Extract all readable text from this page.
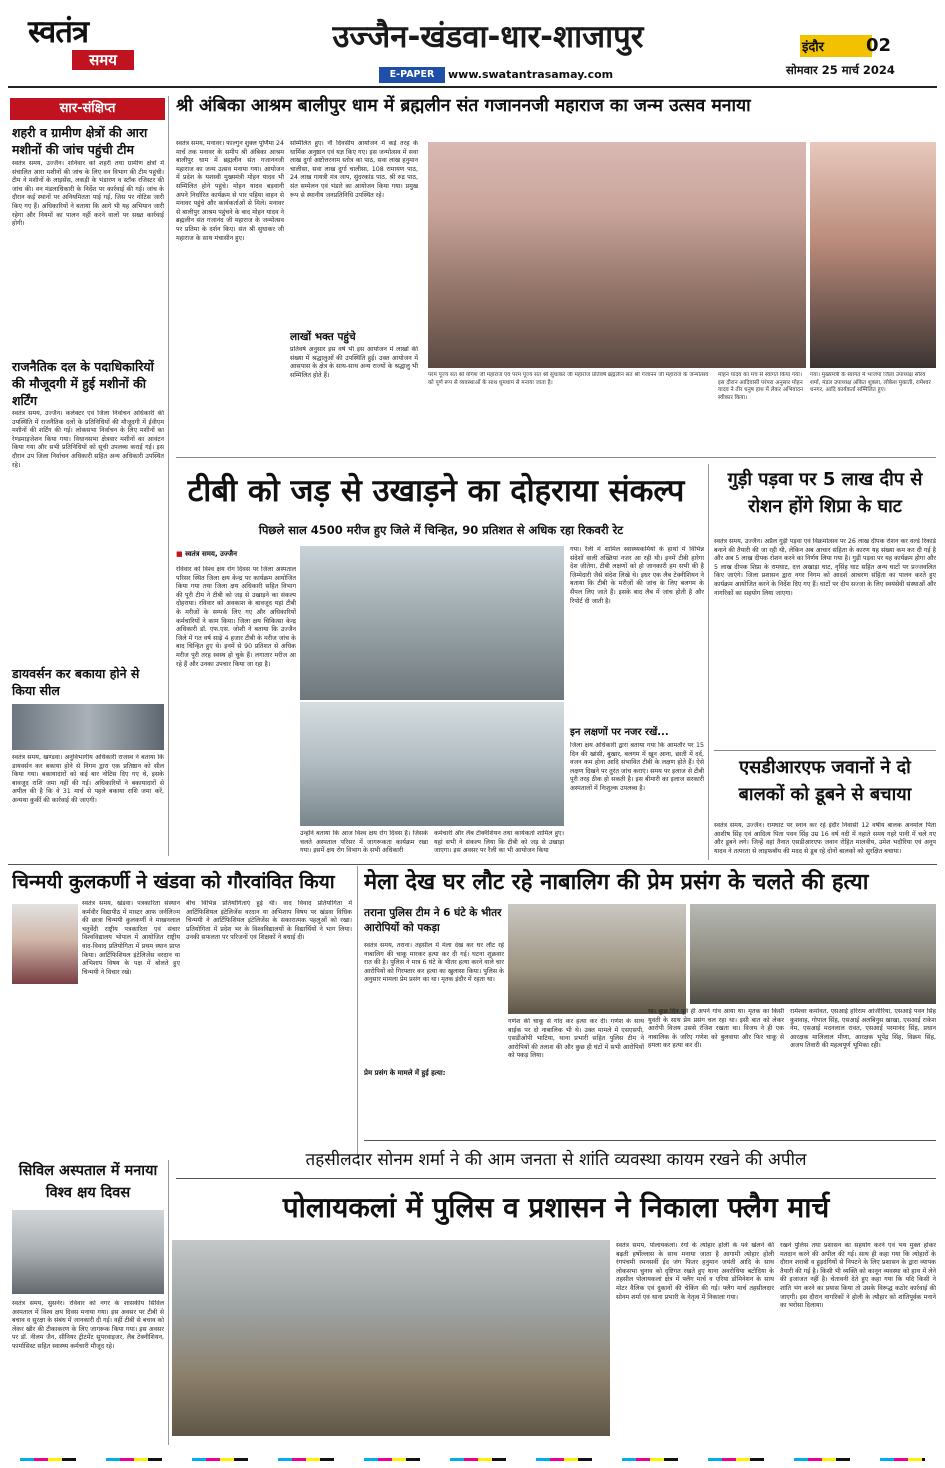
स्वतंत्र
समय
उज्जैन-खंडवा-धार-शाजापुर	इंदौर 02
E-PAPER	www.swatantrasamay.com	सोमवार 25 मार्च 2024
सार-संक्षिप्त
शहरी व ग्रामीण क्षेत्रों की आरा मशीनों की जांच पहुंची टीम
स्वतंत्र समय, उज्जैन। शनिवार को शहरी तथा ग्रामीण क्षेत्रों में संचालित आरा मशीनों की जांच के लिए वन विभाग की टीम पहुंची। टीम ने मशीनों के लाइसेंस, लकड़ी के भंडारण व स्टॉक रजिस्टर की जांच की। वन मंडलाधिकारी के निर्देश पर कार्रवाई की गई। जांच के दौरान कई स्थानों पर अनियमितता पाई गई, जिस पर नोटिस जारी किए गए हैं। अधिकारियों ने बताया कि आगे भी यह अभियान जारी रहेगा और नियमों का पालन नहीं करने वालों पर सख्त कार्रवाई होगी।
राजनैतिक दल के पदाधिकारियों की मौजूदगी में हुई मशीनों की शर्टिंग
स्वतंत्र समय, उज्जैन। कलेक्टर एवं जिला निर्वाचन अधिकारी की उपस्थिति में राजनैतिक दलों के प्रतिनिधियों की मौजूदगी में ईवीएम मशीनों की शर्टिंग की गई। लोकसभा निर्वाचन के लिए मशीनों का रेण्डमाइजेशन किया गया। विधानसभा क्षेत्रवार मशीनों का आवंटन किया गया और सभी प्रतिनिधियों को सूची उपलब्ध कराई गई। इस दौरान उप जिला निर्वाचन अधिकारी सहित अन्य अधिकारी उपस्थित रहे।
डायवर्सन कर बकाया होने से किया सील
स्वतंत्र समय, खण्डवा। अनुविभागीय अधिकारी राजस्व ने बताया कि डायवर्सन कर बकाया होने से निगम द्वारा एक प्रतिष्ठान को सील किया गया। बकायादारों को कई बार नोटिस दिए गए थे, इसके बावजूद राशि जमा नहीं की गई। अधिकारियों ने बकायादारों से अपील की है कि वे 31 मार्च से पहले बकाया राशि जमा करें, अन्यथा कुर्की की कार्रवाई की जाएगी।
श्री अंबिका आश्रम बालीपुर धाम में ब्रह्मलीन संत गजाननजी महाराज का जन्म उत्सव मनाया
स्वतंत्र समय, मनावर। फाल्गुन शुक्ल पूर्णिमा 24 मार्च तक मनावर के समीप श्री अंबिका आश्रम बालीपुर धाम में ब्रह्मलीन संत गजाननजी महाराज का जन्म उत्सव मनाया गया। आयोजन में प्रदेश के यशस्वी मुख्यमंत्री मोहन यादव भी सम्मिलित होने पहुंचे। मोहन यादव बड़वानी अपने निर्धारित कार्यक्रम से पार पहिया वाहन से मनावर पहुंचे और कार्यकर्ताओं से मिले। मनावर से बालीपुर आश्रम पहुंचने के बाद मोहन यादव ने ब्रह्मलीन संत गजानंद जी महाराज के जन्मोत्सव पर प्रतिमा के दर्शन किए। संत श्री सुधाकर जी महाराज के साथ मंचासीन हुए।
सम्मिलित हुए। नौ दिवसीय आयोजन में कई तरह के धार्मिक अनुष्ठान एवं यज्ञ किए गए। इस जन्मोत्सव में सवा लाख दुर्गा अष्टोत्तरनाम स्तोत्र का पाठ, सवा लाख हनुमान चालीसा, सवा लाख दुर्गा चालीसा, 108 रामायण पाठ, 24 लाख गायत्री मंत्र जाप, सुंदरकांड पाठ, श्री रुद्र पाठ, संत सम्मेलन एवं भंडारे का आयोजन किया गया। प्रमुख रूप से स्थानीय जनप्रतिनिधि उपस्थित रहे।
लाखों भक्त पहुंचे
प्रतिवर्ष अनुसार इस वर्ष भी इस आयोजन में लाखों की संख्या में श्रद्धालुओं की उपस्थिति हुई। उक्त आयोजन में आसपास के क्षेत्र के साथ-साथ अन्य राज्यों के श्रद्धालु भी सम्मिलित होते हैं।	परम पूज्य संत श्री योगेश जी महाराज एवं परम पूज्य संत श्री सुधाकर जी महाराज प्रतिवर्ष ब्रह्मलीन संत श्री गजानन जी महाराज के जन्मोत्सव को पूर्ण रूप से व्यवस्थाओं के साथ धूमधाम से मनाया जाता है।
मोहन यादव का मंच से स्वागत किया गया। इस दौरान आदिवासी परंपरा अनुसार मोहन यादव ने तीर धनुष हाथ में लेकर अभिवादन स्वीकार किया।
गया। मुख्यमंत्री के स्वागत में भाजपा जिला उपाध्यक्ष सौरव शर्मा, मंडल उपाध्यक्ष अंकित शुक्ला, लोकेश मुकाती, रामेश्वर धनगर, आदि कार्यकर्ता सम्मिलित हुए।
टीबी को जड़ से उखाड़ने का दोहराया संकल्प
पिछले साल 4500 मरीज हुए जिले में चिन्हित, 90 प्रतिशत से अधिक रहा रिकवरी रेट
■ स्वतंत्र समय, उज्जैन
रविवार को विश्व क्षय रोग दिवस पर जिला अस्पताल परिसर स्थित जिला क्षय केन्द्र पर कार्यक्रम आयोजित किया गया तथा जिला क्षय अधिकारी सहित विभाग की पूरी टीम ने टीबी को जड़ से उखाड़ने का संकल्प दोहराया। रविवार को अवकाश के बावजूद यहां टीबी के मरीजों के सम्पर्क लिए गए और अधिकारियों कर्मचारियों ने काम किया। जिला क्षय चिकित्सा केन्द्र अधिकारी डॉ. एफ.एस. जोशी ने बताया कि उज्जैन जिले में गत वर्ष साढ़े 4 हजार टीबी के मरीज जांच के बाद चिन्हित हुए थे। इनमें से 90 प्रतिशत से अधिक मरीज पूरी तरह स्वस्थ हो चुके हैं। लगातार मरीज आ रहे हैं और उनका उपचार किया जा रहा है।
उन्होंने बताया कि आज विश्व क्षय रोग दिवस है। जिसके चलते अस्पताल परिसर में जागरूकता कार्यक्रम रखा गया। इसमें क्षय रोग विभाग के सभी अधिकारी
कर्मचारी और लैब टेक्निशियन तथा कार्यकर्ता शामिल हुए। यहां सभी ने संकल्प लिया कि टीबी को जड़ से उखाड़ा जाएगा। इस अवसर पर रैली का भी आयोजन किया
गया। रैली में शामिल स्वास्थ्यकर्मियों के हाथों में विभिन्न संदेशों वाली तख्तियां नजर आ रही थी। इनमें टीबी हारेगा देश जीतेगा, टीबी लक्षणों को हो जानकारी हम सभी की है जिम्मेदारी जैसे संदेश लिखे थे। इधर एक लैब टेक्नीशियन ने बताया कि टीबी के मरीजों की जांच के लिए बलगम के सैंपल लिए जाते हैं। इसके बाद लैब में जांच होती है और रिपोर्ट दी जाती है।
इन लक्षणों पर नजर रखें...
जिला क्षय अधिकारी द्वारा बताया गया कि आमतौर पर 15 दिन की खांसी, बुखार, बलगम में खून आना, छाती में दर्द, वजन कम होना आदि संभावित टीबी के लक्षण होते हैं। ऐसे लक्षण दिखने पर तुरंत जांच कराएं। समय पर इलाज से टीबी पूरी तरह ठीक हो सकती है। इस बीमारी का इलाज सरकारी अस्पतालों में निःशुल्क उपलब्ध है।
गुड़ी पड़वा पर 5 लाख दीप से रोशन होंगे शिप्रा के घाट
स्वतंत्र समय, उज्जैन। अप्रैल गुड़ी पड़वा एवं विक्रमोत्सव पर 26 लाख दीपक रोशन कर वर्ल्ड रिकार्ड बनाने की तैयारी की जा रही थी, लेकिन अब आचार संहिता के कारण यह संख्या कम कर दी गई है और अब 5 लाख दीपक रोशन करने का निर्णय लिया गया है। गुड़ी पड़वा पर यह कार्यक्रम होगा और 5 लाख दीपक शिप्रा के रामघाट, दत्त अखाड़ा घाट, नृसिंह घाट सहित अन्य घाटों पर प्रज्जवलित किए जाएंगे। जिला प्रशासन द्वारा नगर निगम को आदर्श आचरण संहिता का पालन करते हुए कार्यक्रम आयोजित करने के निर्देश दिए गए हैं। घाटों पर दीप सज्जा के लिए स्वयंसेवी संस्थाओं और नागरिकों का सहयोग लिया जाएगा।
एसडीआरएफ जवानों ने दो बालकों को डूबने से बचाया
स्वतंत्र समय, उज्जैन। रामघाट पर स्नान कर रहे इंदौर निवासी 12 वर्षीय बालक अनमोल पिता आशीष सिंह एवं आदित्य पिता पवन सिंह उम्र 16 वर्ष नदी में नहाते समय गहरे पानी में चले गए और डूबने लगे। जिन्हें वहां तैनात एसडीआरएफ जवान रोहित मालवीय, उमेश भदौरिया एवं अनूप यादव ने तत्परता से लाइफबॉय की मदद से डूब रहे दोनों बालकों को सुरक्षित बचाया।
चिन्मयी कुलकर्णी ने खंडवा को गौरवांवित किया
स्वतंत्र समय, खंडवा। पत्रकारिता संस्थान कर्मवीर विद्यापीठ में मास्टर आफ जर्नलिज्म की छात्रा चिन्मयी कुलकर्णी ने माखनलाल चतुर्वेदी राष्ट्रीय पत्रकारिता एवं संचार विश्वविद्यालय भोपाल में आयोजित राष्ट्रीय वाद-विवाद प्रतियोगिता में प्रथम स्थान प्राप्त किया। आर्टिफिशियल इंटेलिजेंस वरदान या अभिशाप विषय के पक्ष में बोलते हुए चिन्मयी ने विचार रखे।
बीच विभिन्न प्रतियोगिताएं हुई थीं। वाद विवाद प्रतियोगिता में आर्टिफिशियल इंटेलिजेंस वरदान या अभिशाप विषय पर खंडवा विधिक चिन्मयी ने आर्टिफिशियल इंटेलिजेंस के सकारात्मक पहलुओं को रखा। प्रतियोगिता में प्रदेश भर के विश्वविद्यालयों के विद्यार्थियों ने भाग लिया। उनकी सफलता पर परिजनों एवं शिक्षकों ने बधाई दी।
मेला देख घर लौट रहे नाबालिग की प्रेम प्रसंग के चलते की हत्या
तराना पुलिस टीम ने 6 घंटे के भीतर आरोपियों को पकड़ा
स्वतंत्र समय, तराना। तहसील में मेला देख कर घर लौट रहे नाबालिग की चाकू मारकर हत्या कर दी गई। घटना शुक्रवार रात की है। पुलिस ने मात्र 6 घंटे के भीतर हत्या करने वाले चार आरोपियों को गिरफ्तार कर हत्या का खुलासा किया। पुलिस के अनुसार मामला प्रेम प्रसंग का था। मृतक इंदौर में रहता था।
प्रेम प्रसंग के मामले में हुई हत्या:
गणेश की चाकू से गोद कर हत्या कर दी। गणेश के साथ बाईक पर दो नाबालिक भी थे। उक्त मामले में एसएसपी, एसडीओपी भाटिया, थाना प्रभारी सहित पुलिस टीम ने आरोपियों की तलाश की और कुछ ही घंटों में सभी आरोपियों को पकड़ लिया।
था। कुछ दिन पूर्व ही अपने गांव आया था। मृतक का किसी युवती के साथ प्रेम प्रसंग चल रहा था। इसी बात को लेकर आरोपी विजय उससे रंजिश रखता था। विजय ने ही एक नाबालिक के जरिए गणेश को बुलवाया और फिर चाकू से हमला कर हत्या कर दी।
रामेश्वर कर्मावत, एसआई हरिराम आंजीरिया, एसआई पवन सिंह कुशवाह, गोपाल सिंह, एसआई अलबिनुस खाखा, एसआई राकेश नेम, एसआई मदनलाल रावत, एसआई परमानंद सिंह, प्रधान आरक्षक मालिलाल मीणा, आरक्षक भूपेंद्र सिंह, विक्रम सिंह, अजय तिवारी की महत्वपूर्ण भूमिका रही।
सिविल अस्पताल में मनाया विश्व क्षय दिवस
स्वतंत्र समय, सुसनेर। रविवार को नगर के शासकीय सिविल अस्पताल में विश्व क्षय दिवस मनाया गया। इस अवसर पर टीबी से बचाव व सुरक्षा के संबंध में जानकारी दी गई। वहीं टीबी से बचाव को लेकर खीर की टीकाकरण के लिए जागरूक किया गया। इस अवसर पर डॉ. नीलम जैन, सीनियर ट्रीटमेंट सुपरवाइजर, लैब टेक्नीशियन, फार्मासिस्ट सहित स्वास्थ्य कर्मचारी मौजूद रहे।
तहसीलदार सोनम शर्मा ने की आम जनता से शांति व्यवस्था कायम रखने की अपील
पोलायकलां में पुलिस व प्रशासन ने निकाला फ्लैग मार्च
स्वतंत्र समय, पोलायकलां। रंगों के त्योहार होली के पर्व खेलने की बढ़ती हर्षोल्लास के साथ मनाया जाता है आगामी त्योहार होली रंगपंचमी रमनसवीं ईद जंग फितर हनुमान जयंती आदि के साथ लोकसभा चुनाव को दृष्टिगत रखते हुए थाना अवरोधिया बटोदिया के तहसील पोलायकलां क्षेत्र में फ्लैग मार्च व एरिया डोमिनेशन के साथ मोटर वैलिक एवं दुकानों की चेकिंग की गई। फ्लैग मार्च तहसीलदार सोनम शर्मा एवं थाना प्रभारी के नेतृत्व में निकाला गया।
रखने पुलिस तथा प्रशासन का सहयोग करने एवं भय मुक्त होकर मतदान करने की अपील की गई। साथ ही कहा गया कि त्योहारों के दौरान शराबी व हुड़दंगियों से निपटने के लिए प्रशासन के द्वारा व्यापक तैयारी की गई है। किसी भी व्यक्ति को कानून व्यवस्था को हाथ में लेने की इजाजत नहीं है। चेतावनी देते हुए कहा गया कि यदि किसी ने शांति भंग करने का प्रयास किया तो उसके विरूद्ध कठोर कार्रवाई की जाएगी। इस दौरान नागरिकों ने होली के त्यौहार को शांतिपूर्वक मनाने का भरोसा दिलाया।
